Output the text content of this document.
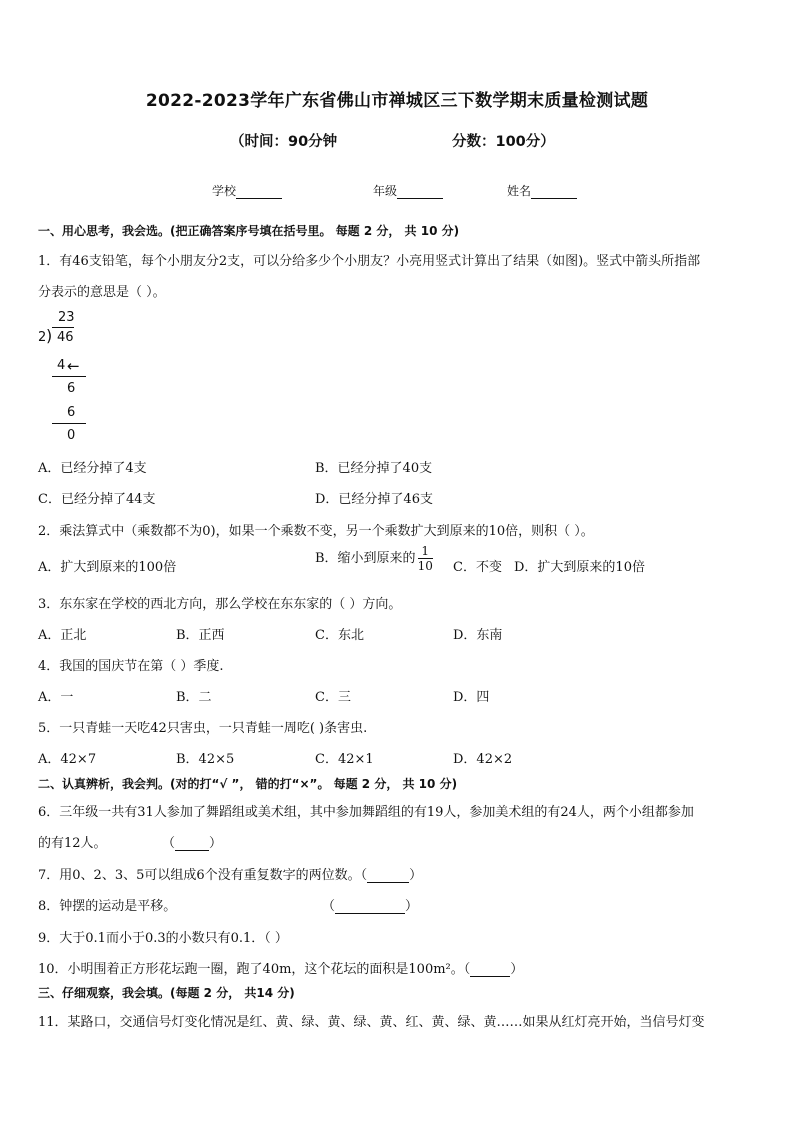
2022-2023学年广东省佛山市禅城区三下数学期末质量检测试题
（时间：90分钟	分数：100分）
学校	年级	姓名
一、用心思考，我会选。(把正确答案序号填在括号里。 每题 2 分， 共 10 分)
1．有46支铅笔，每个小朋友分2支，可以分给多少个小朋友？小亮用竖式计算出了结果（如图)。竖式中箭头所指部
分表示的意思是（ ）。
23
2 ) 46
4 ←
6
6
0
A．已经分掉了4支	B．已经分掉了40支
C．已经分掉了44支	D．已经分掉了46支
2．乘法算式中（乘数都不为0)，如果一个乘数不变，另一个乘数扩大到原来的10倍，则积（ ）。
A．扩大到原来的100倍
B．缩小到原来的 $\frac{1}{10}$ C．不变 D．扩大到原来的10倍
3．东东家在学校的西北方向，那么学校在东东家的（ ）方向。
A．正北	B．正西	C．东北	D．东南
4．我国的国庆节在第（ ）季度.
A．一	B．二	C．三	D．四
5．一只青蛙一天吃42只害虫，一只青蛙一周吃( )条害虫.
A．42×7	B．42×5	C．42×1	D．42×2
二、认真辨析，我会判。(对的打“√ ”， 错的打“×”。 每题 2 分， 共 10 分)
6．三年级一共有31人参加了舞蹈组或美术组，其中参加舞蹈组的有19人，参加美术组的有24人，两个小组都参加
的有12人。	（	）
7．用0、2、3、5可以组成6个没有重复数字的两位数。（	）
8．钟摆的运动是平移。	（	）
9．大于0.1而小于0.3的小数只有0.1．（ ）
10．小明围着正方形花坛跑一圈，跑了40m，这个花坛的面积是100m²。（	）
三、仔细观察，我会填。(每题 2 分， 共14 分)
11．某路口，交通信号灯变化情况是红、黄、绿、黄、绿、黄、红、黄、绿、黄……如果从红灯亮开始，当信号灯变
